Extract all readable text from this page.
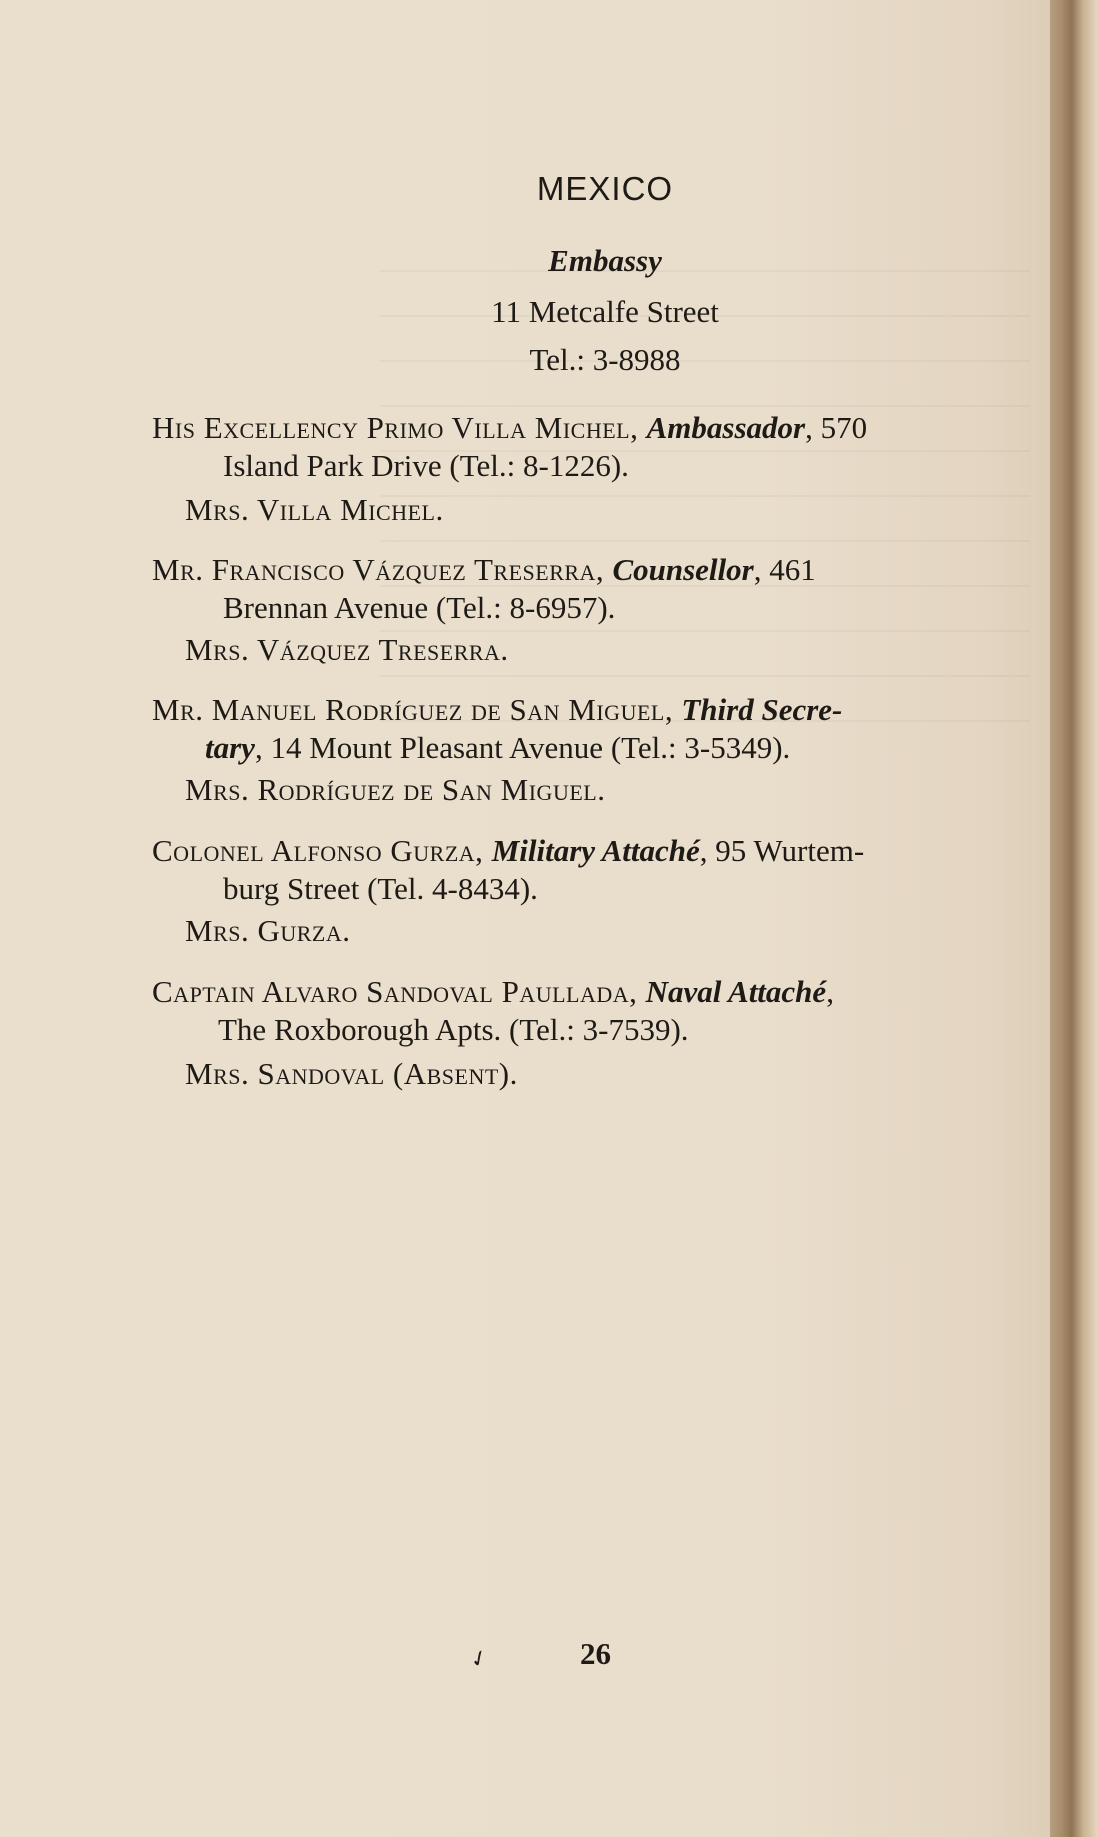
MEXICO
Embassy
11 Metcalfe Street
Tel.: 3-8988
His Excellency Primo Villa Michel, Ambassador, 570
Island Park Drive (Tel.: 8-1226).
Mrs. Villa Michel.
Mr. Francisco Vázquez Treserra, Counsellor, 461
Brennan Avenue (Tel.: 8-6957).
Mrs. Vázquez Treserra.
Mr. Manuel Rodríguez de San Miguel, Third Secre-
tary, 14 Mount Pleasant Avenue (Tel.: 3-5349).
Mrs. Rodríguez de San Miguel.
Colonel Alfonso Gurza, Military Attaché, 95 Wurtem-
burg Street (Tel. 4-8434).
Mrs. Gurza.
Captain Alvaro Sandoval Paullada, Naval Attaché,
The Roxborough Apts. (Tel.: 3-7539).
Mrs. Sandoval (Absent).
✓	26
